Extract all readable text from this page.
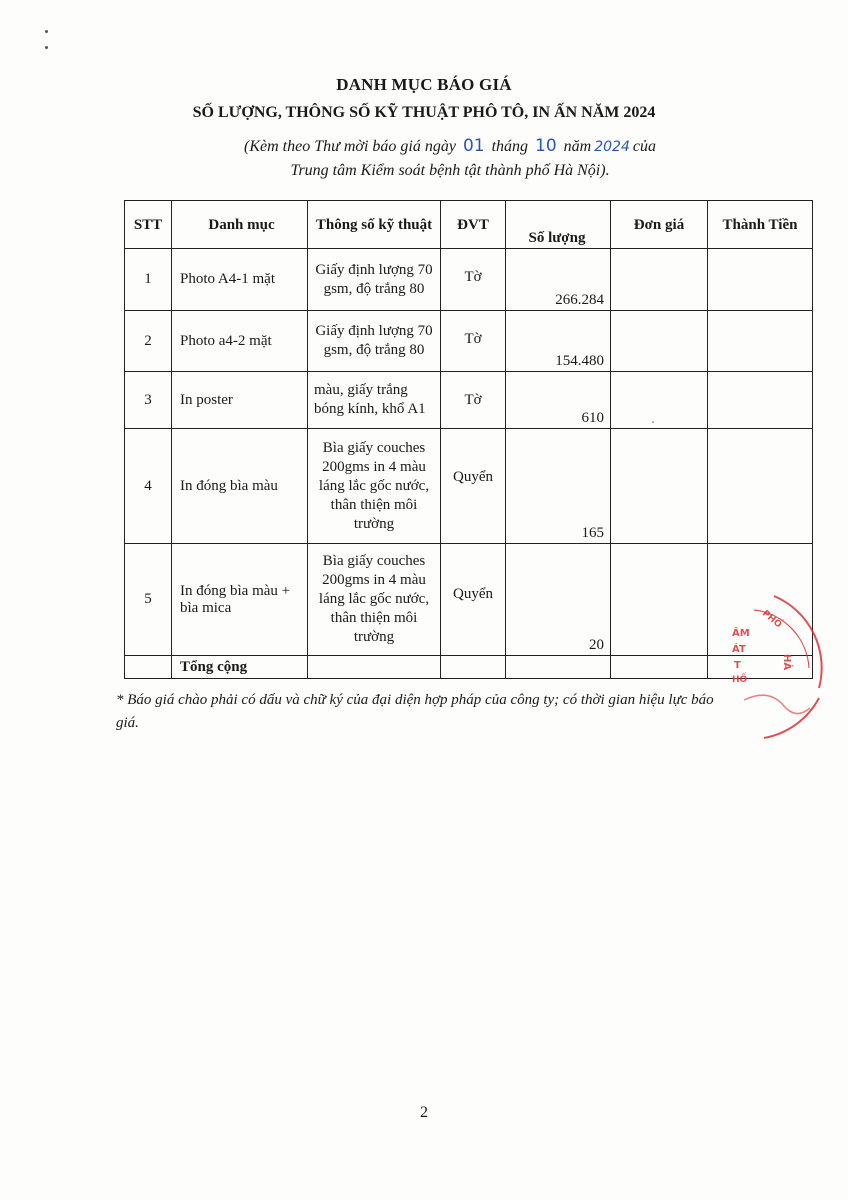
DANH MỤC BÁO GIÁ
SỐ LƯỢNG, THÔNG SỐ KỸ THUẬT PHÔ TÔ, IN ẤN NĂM 2024
(Kèm theo Thư mời báo giá ngày 01 tháng 10 năm 2024 của
Trung tâm Kiểm soát bệnh tật thành phố Hà Nội).
STT	Danh mục	Thông số kỹ thuật	ĐVT	Số lượng	Đơn giá	Thành Tiền
1	Photo A4-1 mặt	Giấy định lượng 70 gsm, độ trắng 80	Tờ	266.284		
2	Photo a4-2 mặt	Giấy định lượng 70 gsm, độ trắng 80	Tờ	154.480		
3	In poster	màu, giấy trắng bóng kính, khổ A1	Tờ	610		
4	In đóng bìa màu	Bìa giấy couches 200gms in 4 màu láng lắc gốc nước, thân thiện môi trường	Quyển	165		
5	In đóng bìa màu + bìa mica	Bìa giấy couches 200gms in 4 màu láng lắc gốc nước, thân thiện môi trường	Quyển	20		
	Tổng cộng					
* Báo giá chào phải có dấu và chữ ký của đại diện hợp pháp của công ty; có thời gian hiệu lực báo giá.
PHỐ
ÂM
ÁT
T	HÀ
HỐ
2
